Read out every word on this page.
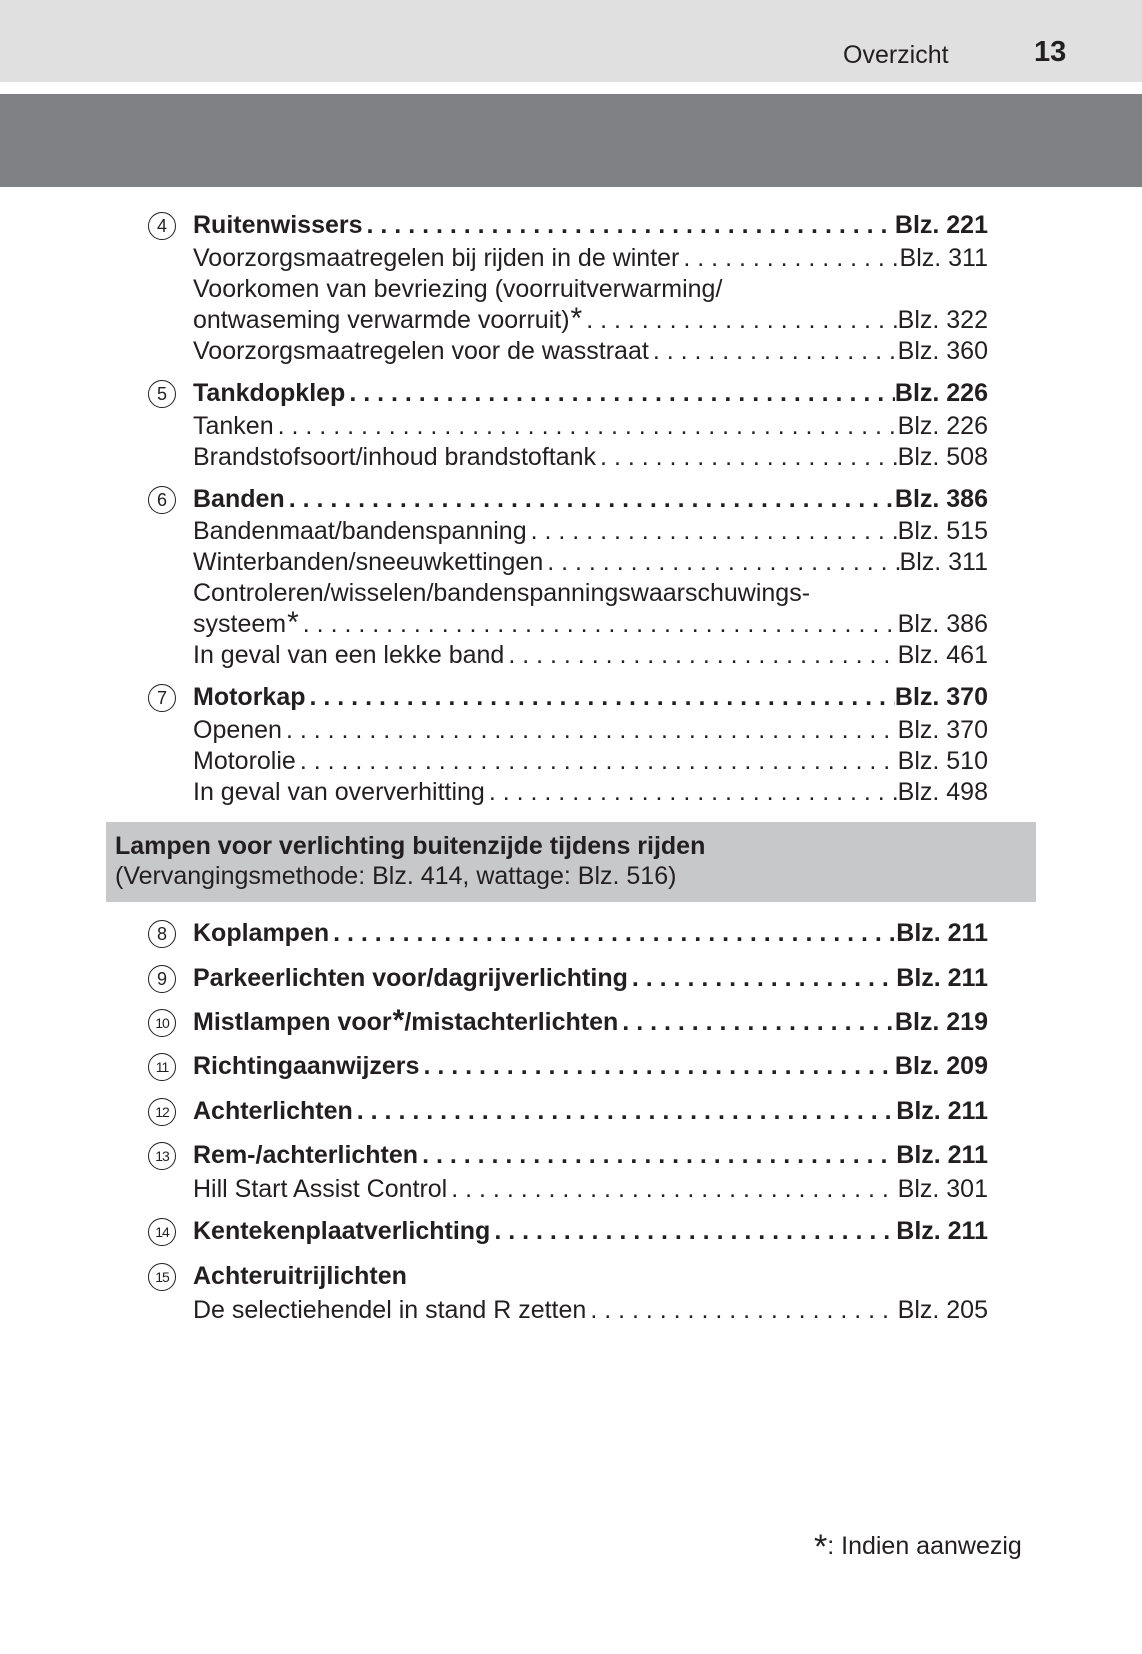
Overzicht	13
4	Ruitenwissers . . .	Blz. 221
Voorzorgsmaatregelen bij rijden in de winter . . .	Blz. 311
Voorkomen van bevriezing (voorruitverwarming/
ontwaseming verwarmde voorruit) * . . .	Blz. 322
Voorzorgsmaatregelen voor de wasstraat . . .	Blz. 360
5	Tankdopklep . . .	Blz. 226
Tanken . . .	Blz. 226
Brandstofsoort/inhoud brandstoftank . . .	Blz. 508
6	Banden . . .	Blz. 386
Bandenmaat/bandenspanning . . .	Blz. 515
Winterbanden/sneeuwkettingen . . .	Blz. 311
Controleren/wisselen/bandenspanningswaarschuwings-
systeem * . . .	Blz. 386
In geval van een lekke band . . .	Blz. 461
7	Motorkap . . .	Blz. 370
Openen . . .	Blz. 370
Motorolie . . .	Blz. 510
In geval van oververhitting . . .	Blz. 498
Lampen voor verlichting buitenzijde tijdens rijden
(Vervangingsmethode: Blz. 414, wattage: Blz. 516)
8	Koplampen . . .	Blz. 211
9	Parkeerlichten voor/dagrijverlichting . . .	Blz. 211
10 Mistlampen voor * /mistachterlichten . . .	Blz. 219
11 Richtingaanwijzers . . .	Blz. 209
12 Achterlichten . . .	Blz. 211
13 Rem-/achterlichten . . .	Blz. 211
Hill Start Assist Control . . .	Blz. 301
14 Kentekenplaatverlichting . . .	Blz. 211
15 Achteruitrijlichten
De selectiehendel in stand R zetten . . .	Blz. 205
*: Indien aanwezig
